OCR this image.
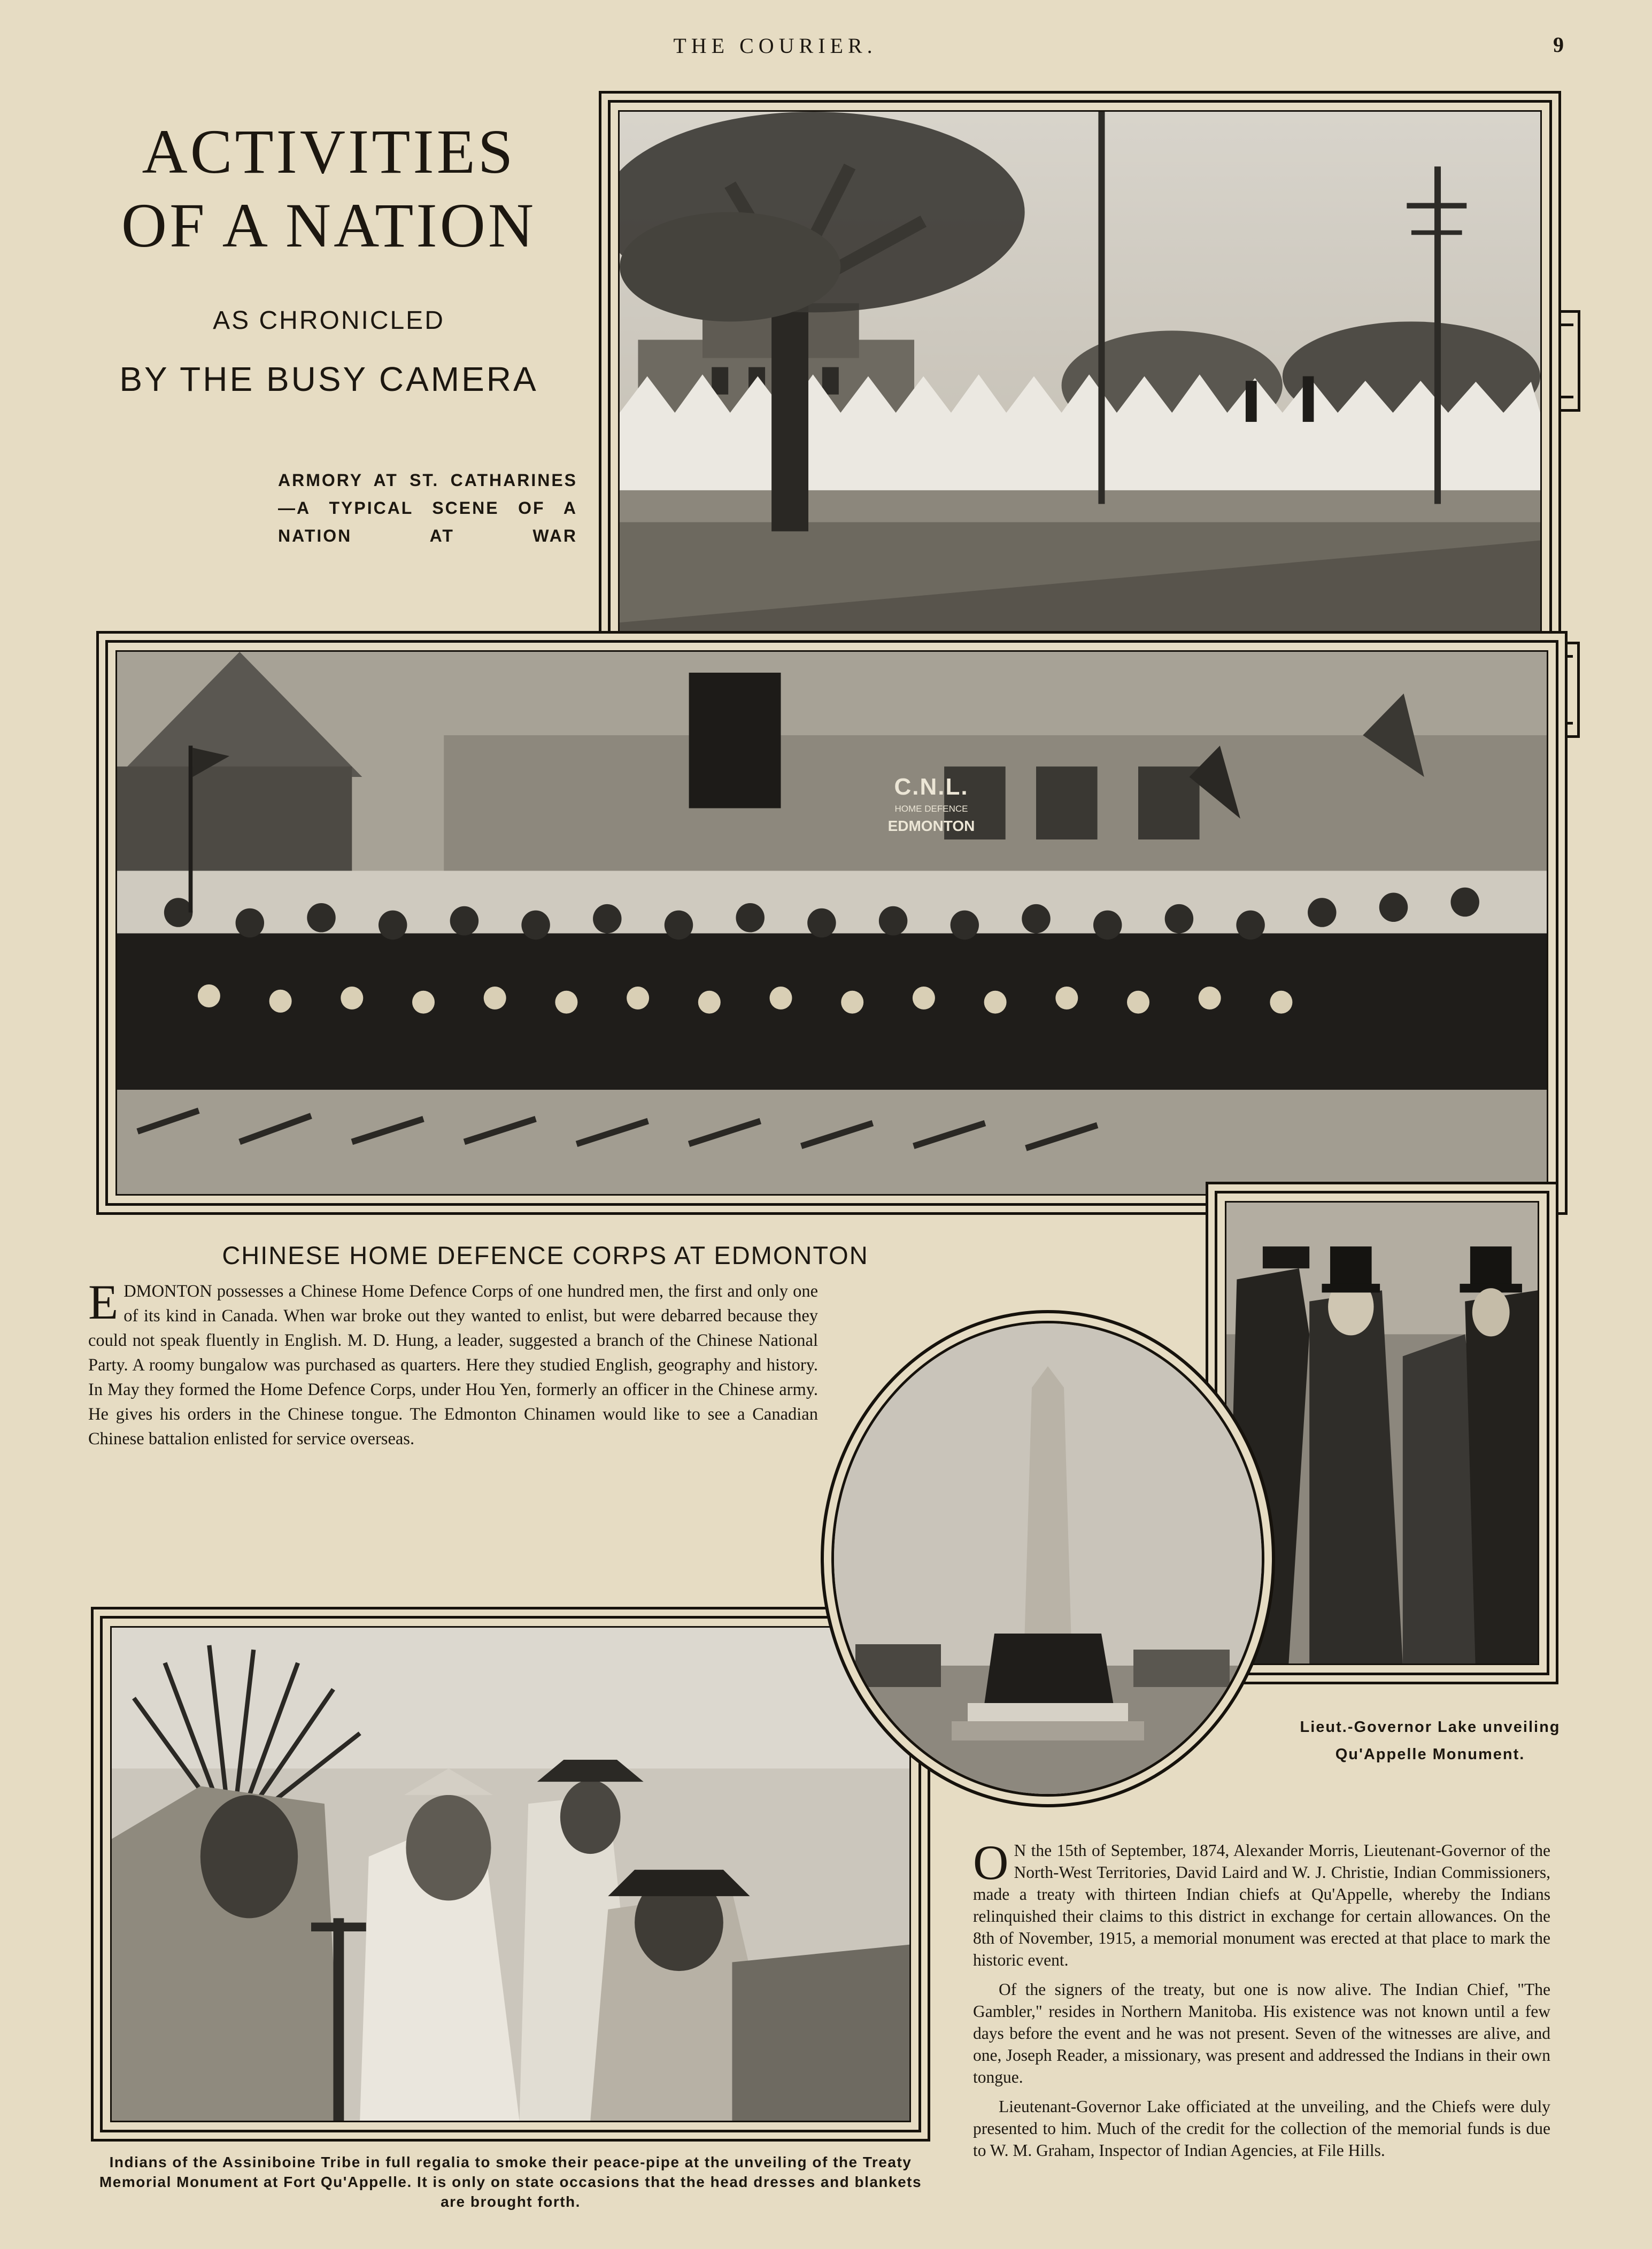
THE COURIER.	9
ACTIVITIES
OF A NATION
AS CHRONICLED
BY THE BUSY CAMERA
ARMORY AT ST. CATHARINES—A TYPICAL SCENE OF A NATION AT WAR
C.N.L.
HOME DEFENCE
EDMONTON
CHINESE HOME DEFENCE CORPS AT EDMONTON
EDMONTON possesses a Chinese Home Defence Corps of one hundred men, the first and only one of its kind in Canada. When war broke out they wanted to enlist, but were debarred because they could not speak fluently in English. M. D. Hung, a leader, suggested a branch of the Chinese National Party. A roomy bungalow was purchased as quarters. Here they studied English, geography and history. In May they formed the Home Defence Corps, under Hou Yen, formerly an officer in the Chinese army. He gives his orders in the Chinese tongue. The Edmonton Chinamen would like to see a Canadian Chinese battalion enlisted for service overseas.
Lieut.-Governor Lake unveiling Qu'Appelle Monument.

O N the 15th of September, 1874, Alexander Morris, Lieutenant-Governor of the North-West Territories, David Laird and W. J. Christie, Indian Commissioners, made a treaty with thirteen Indian chiefs at Qu'Appelle, whereby the Indians relinquished their claims to this district in exchange for certain allowances. On the 8th of November, 1915, a memorial monument was erected at that place to mark the historic event.

Of the signers of the treaty, but one is now alive. The Indian Chief, "The Gambler," resides in Northern Manitoba. His existence was not known until a few days before the event and he was not present. Seven of the witnesses are alive, and one, Joseph Reader, a missionary, was present and addressed the Indians in their own tongue.

Lieutenant-Governor Lake officiated at the unveiling, and the Chiefs were duly presented to him. Much of the credit for the collection of the memorial funds is due to W. M. Graham, Inspector of Indian Agencies, at File Hills.

Indians of the Assiniboine Tribe in full regalia to smoke their peace-pipe at the unveiling of the Treaty Memorial Monument at Fort Qu'Appelle. It is only on state occasions that the head dresses and blankets are brought forth.
